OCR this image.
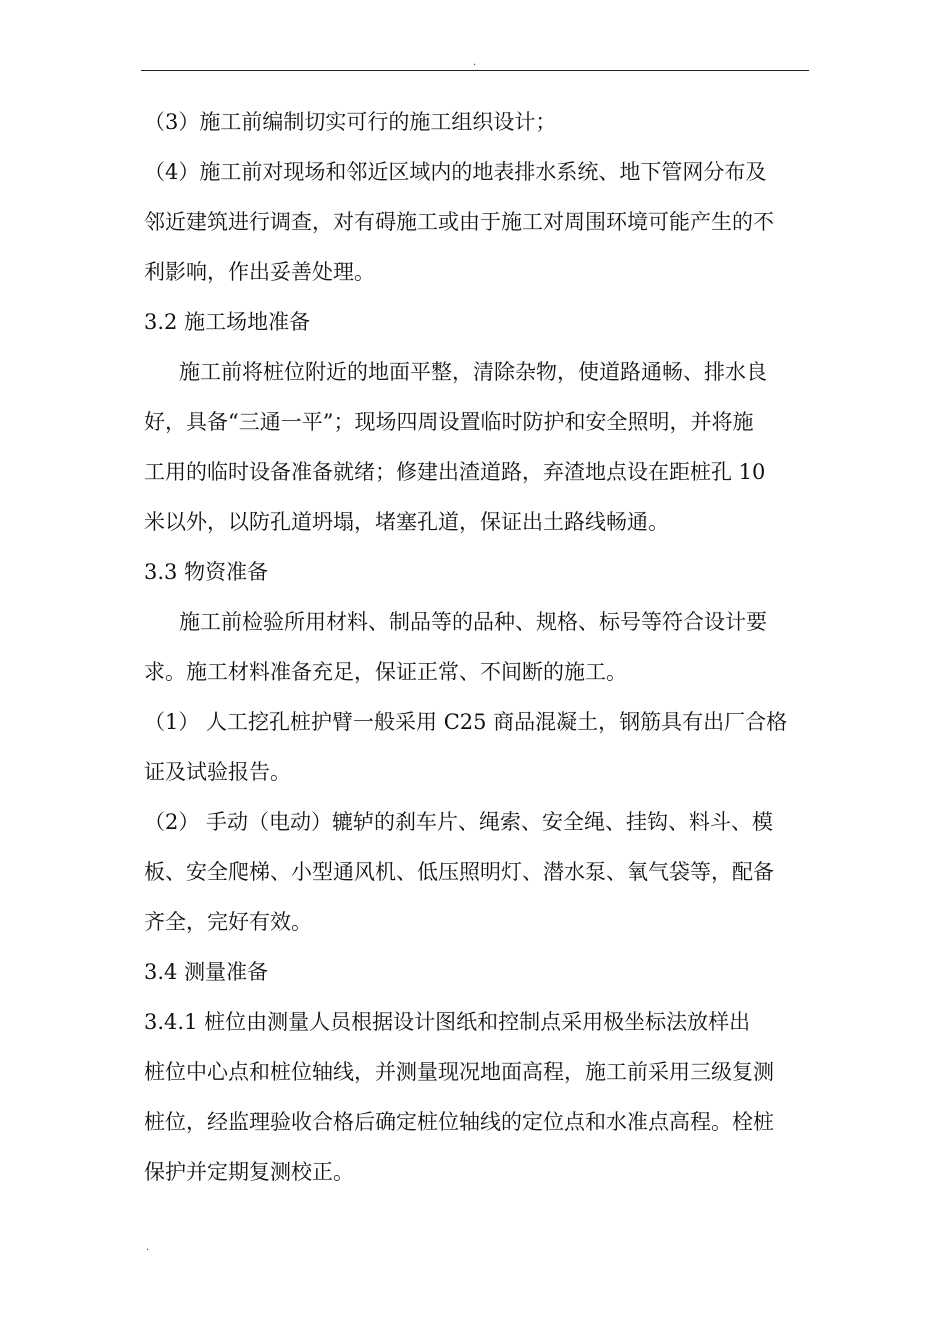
.

（3）施工前编制切实可行的施工组织设计；

（4）施工前对现场和邻近区域内的地表排水系统、地下管网分布及
邻近建筑进行调查，对有碍施工或由于施工对周围环境可能产生的不
利影响，作出妥善处理。

3.2 施工场地准备

施工前将桩位附近的地面平整，清除杂物，使道路通畅、排水良
好，具备“三通一平”；现场四周设置临时防护和安全照明，并将施
工用的临时设备准备就绪；修建出渣道路，弃渣地点设在距桩孔 10
米以外，以防孔道坍塌，堵塞孔道，保证出土路线畅通。

3.3 物资准备

施工前检验所用材料、制品等的品种、规格、标号等符合设计要
求。施工材料准备充足，保证正常、不间断的施工。

（1） 人工挖孔桩护臂一般采用 C25 商品混凝土，钢筋具有出厂合格
证及试验报告。

（2） 手动（电动）辘轳的刹车片、绳索、安全绳、挂钩、料斗、模
板、安全爬梯、小型通风机、低压照明灯、潜水泵、氧气袋等，配备
齐全，完好有效。

3.4 测量准备

3.4.1 桩位由测量人员根据设计图纸和控制点采用极坐标法放样出
桩位中心点和桩位轴线，并测量现况地面高程，施工前采用三级复测
桩位，经监理验收合格后确定桩位轴线的定位点和水准点高程。栓桩
保护并定期复测校正。

.
